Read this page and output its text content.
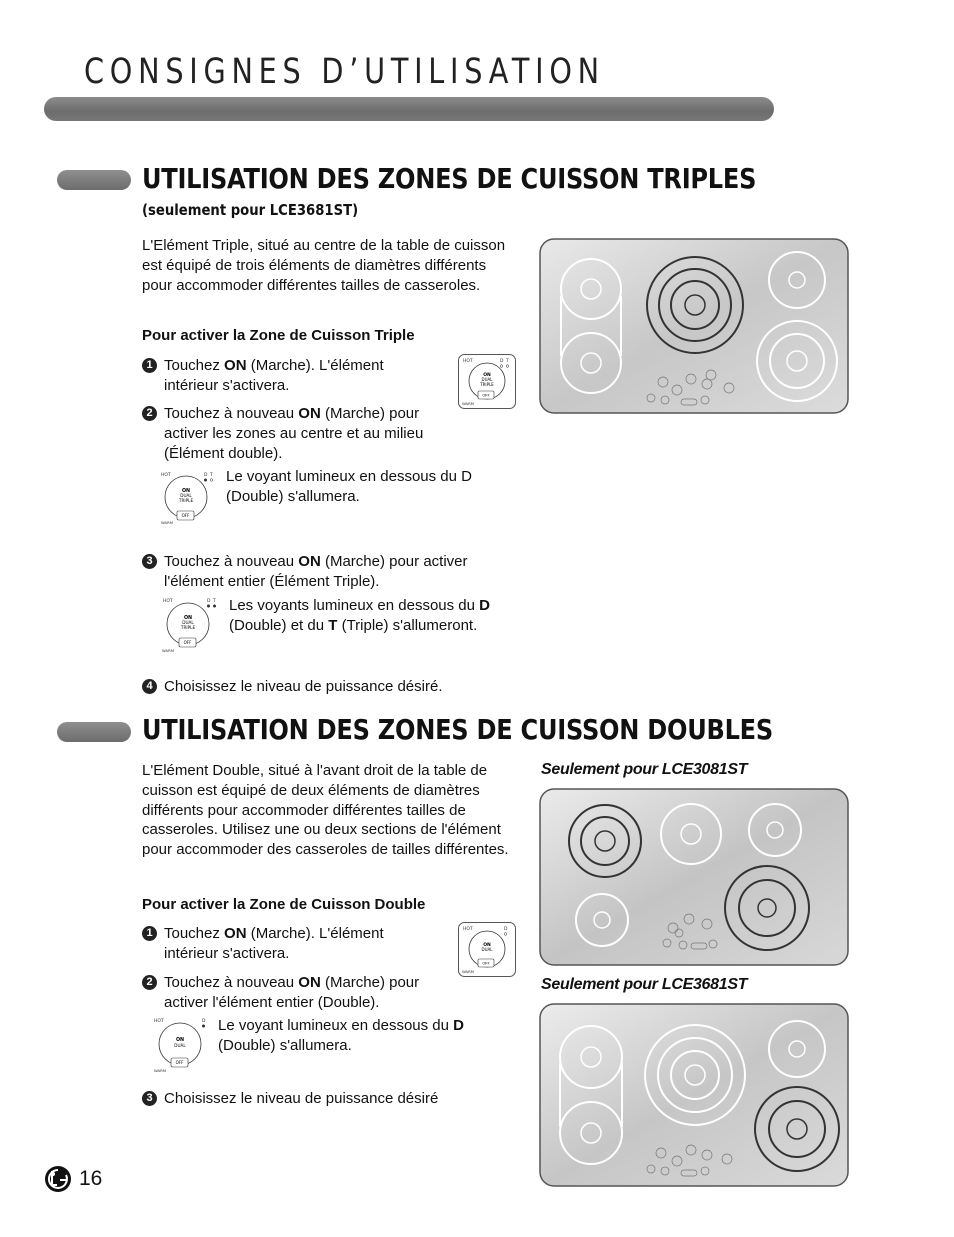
CONSIGNES D’UTILISATION
UTILISATION DES ZONES DE CUISSON TRIPLES
(seulement pour LCE3681ST)
L'Elément Triple, situé au centre de la table de cuisson est équipé de trois éléments de diamètres différents pour accommoder différentes tailles de casseroles.
Pour activer la Zone de Cuisson Triple
1 Touchez ON (Marche). L'élément intérieur s'activera.
HOT	D T
ON
DUAL
TRIPLE
OFF
WARM
2 Touchez à nouveau ON (Marche) pour activer les zones au centre et au milieu (Élément double).
HOT	D T
ON
DUAL
TRIPLE
OFF
WARM
Le voyant lumineux en dessous du D (Double) s'allumera.
3 Touchez à nouveau ON (Marche) pour activer l'élément entier (Élément Triple).
HOT	D T
ON
DUAL
TRIPLE
OFF
WARM
Les voyants lumineux en dessous du D (Double) et du T (Triple) s'allumeront.
4 Choisissez le niveau de puissance désiré.
UTILISATION DES ZONES DE CUISSON DOUBLES
L'Elément Double, situé à l'avant droit de la table de cuisson est équipé de deux éléments de diamètres différents pour accommoder différentes tailles de casseroles. Utilisez une ou deux sections de l'élément pour accommoder des casseroles de tailles différentes.
Pour activer la Zone de Cuisson Double
1 Touchez ON (Marche). L'élément intérieur s'activera.
HOT	D
ON
DUAL
OFF
WARM
2 Touchez à nouveau ON (Marche) pour activer l'élément entier (Double).
HOT	D
ON
DUAL
OFF
WARM
Le voyant lumineux en dessous du D (Double) s'allumera.
3 Choisissez le niveau de puissance désiré
Seulement pour LCE3081ST
Seulement pour LCE3681ST
16
